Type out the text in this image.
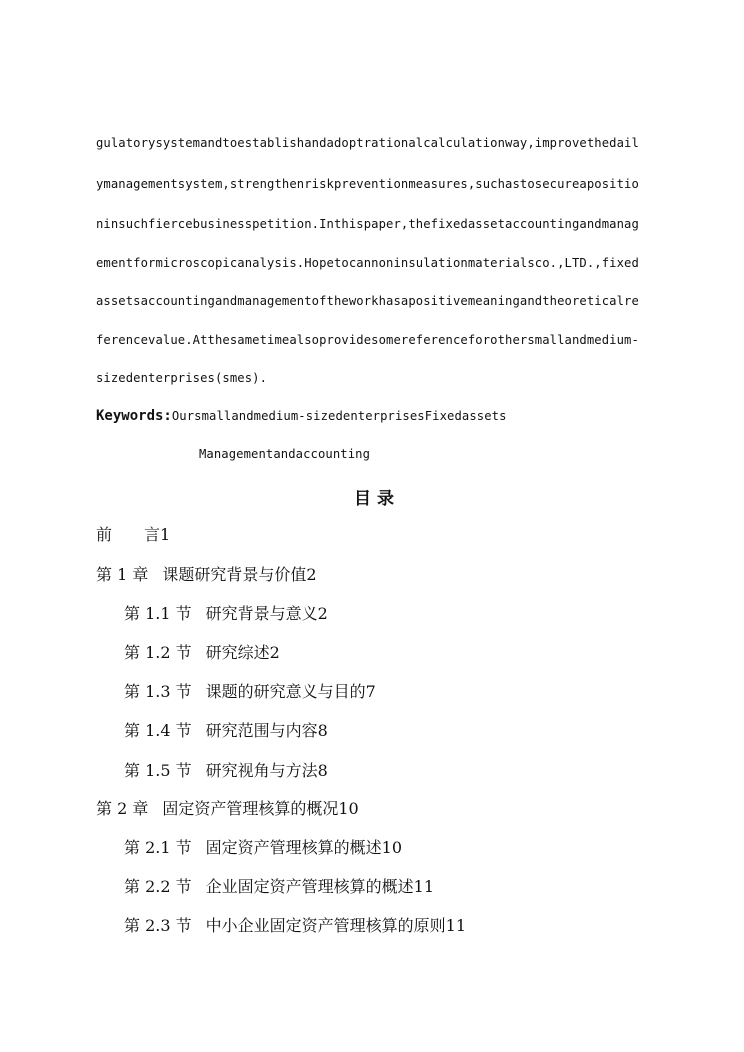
gulatorysystemandtoestablishandadoptrationalcalculationway,improvethedail
ymanagementsystem,strengthenriskpreventionmeasures,suchastosecureapositio
ninsuchfiercebusinesspetition.Inthispaper,thefixedassetaccountingandmanag
ementformicroscopicanalysis.Hopetocannoninsulationmaterialsco.,LTD.,fixed
assetsaccountingandmanagementoftheworkhasapositivemeaningandtheoreticalre
ferencevalue.Atthesametimealsoprovidesomereferenceforothersmallandmedium-
sizedenterprises(smes).
Keywords:Oursmallandmedium-sizedenterprisesFixedassets
Managementandaccounting
目录
前 言1
第 1 章 课题研究背景与价值2
第 1.1 节 研究背景与意义2
第 1.2 节 研究综述2
第 1.3 节 课题的研究意义与目的7
第 1.4 节 研究范围与内容8
第 1.5 节 研究视角与方法8
第 2 章 固定资产管理核算的概况10
第 2.1 节 固定资产管理核算的概述10
第 2.2 节 企业固定资产管理核算的概述11
第 2.3 节 中小企业固定资产管理核算的原则11
